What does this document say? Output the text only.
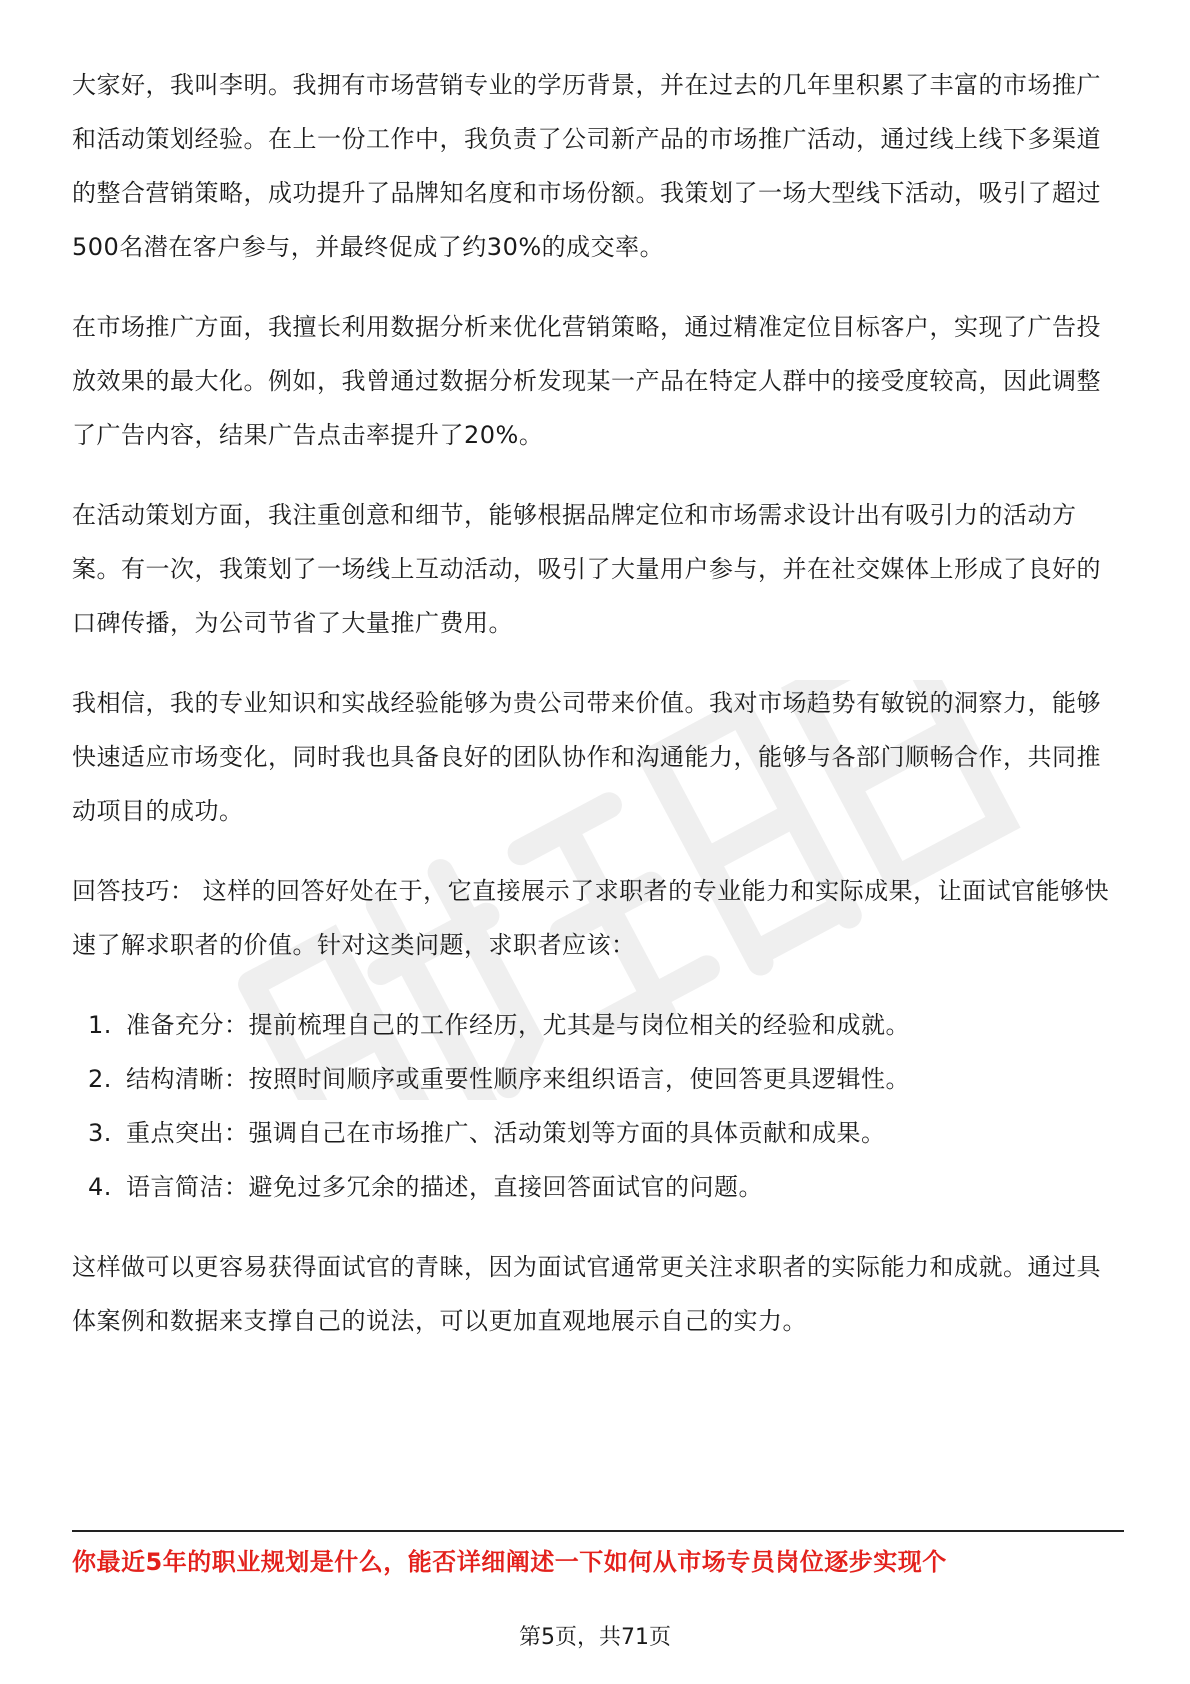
大家好，我叫李明。我拥有市场营销专业的学历背景，并在过去的几年里积累了丰富的市场推广和活动策划经验。在上一份工作中，我负责了公司新产品的市场推广活动，通过线上线下多渠道的整合营销策略，成功提升了品牌知名度和市场份额。我策划了一场大型线下活动，吸引了超过500名潜在客户参与，并最终促成了约30%的成交率。

在市场推广方面，我擅长利用数据分析来优化营销策略，通过精准定位目标客户，实现了广告投放效果的最大化。例如，我曾通过数据分析发现某一产品在特定人群中的接受度较高，因此调整了广告内容，结果广告点击率提升了20%。

在活动策划方面，我注重创意和细节，能够根据品牌定位和市场需求设计出有吸引力的活动方案。有一次，我策划了一场线上互动活动，吸引了大量用户参与，并在社交媒体上形成了良好的口碑传播，为公司节省了大量推广费用。

我相信，我的专业知识和实战经验能够为贵公司带来价值。我对市场趋势有敏锐的洞察力，能够快速适应市场变化，同时我也具备良好的团队协作和沟通能力，能够与各部门顺畅合作，共同推动项目的成功。

回答技巧： 这样的回答好处在于，它直接展示了求职者的专业能力和实际成果，让面试官能够快速了解求职者的价值。针对这类问题，求职者应该：

1. 准备充分：提前梳理自己的工作经历，尤其是与岗位相关的经验和成就。
2. 结构清晰：按照时间顺序或重要性顺序来组织语言，使回答更具逻辑性。
3. 重点突出：强调自己在市场推广、活动策划等方面的具体贡献和成果。
4. 语言简洁：避免过多冗余的描述，直接回答面试官的问题。

这样做可以更容易获得面试官的青睐，因为面试官通常更关注求职者的实际能力和成就。通过具体案例和数据来支撑自己的说法，可以更加直观地展示自己的实力。

你最近5年的职业规划是什么，能否详细阐述一下如何从市场专员岗位逐步实现个
第5页，共71页
